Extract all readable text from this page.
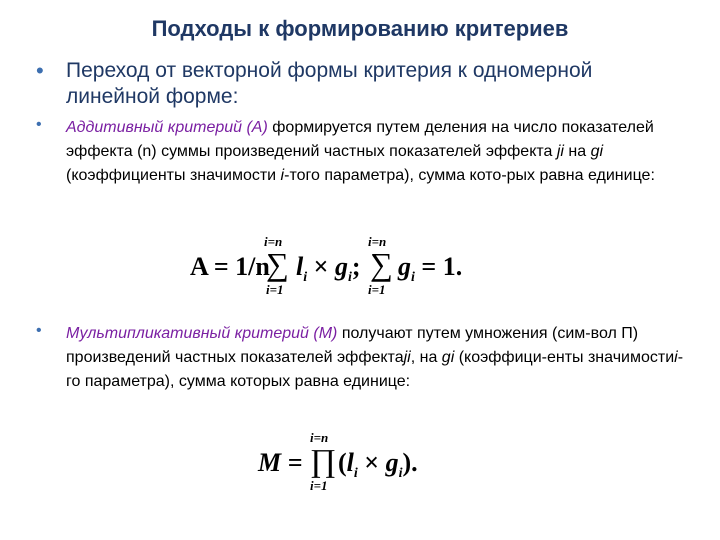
Подходы к формированию критериев
• Переход от векторной формы критерия к одномерной линейной форме:
• Аддитивный критерий (А) формируется путем деления на число показателей эффекта (n) суммы произведений частных показателей эффекта ji на gi (коэффициенты значимости i-того параметра), сумма кото-рых равна единице:
A = 1/n
i=n
∑
i=1
$l_i \times g_i$;
i=n
∑
i=1
$g_i = 1$.
• Мультипликативный критерий (М) получают путем умножения (сим-вол П) произведений частных показателей эффектаji, на gi (коэффици-енты значимостиi-го параметра), сумма которых равна единице:
M =
i=n
∏
i=1
$(l_i \times g_i)$.
